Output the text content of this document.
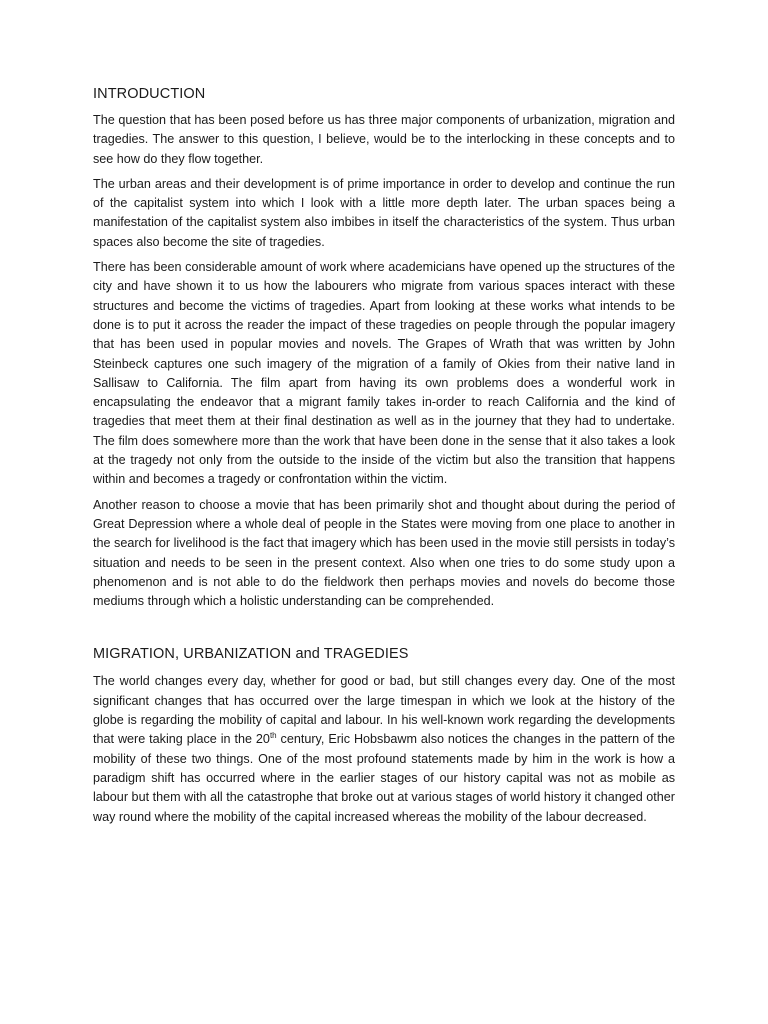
INTRODUCTION

The question that has been posed before us has three major components of urbanization, migration and tragedies. The answer to this question, I believe, would be to the interlocking in these concepts and to see how do they flow together.

The urban areas and their development is of prime importance in order to develop and continue the run of the capitalist system into which I look with a little more depth later. The urban spaces being a manifestation of the capitalist system also imbibes in itself the characteristics of the system. Thus urban spaces also become the site of tragedies.

There has been considerable amount of work where academicians have opened up the structures of the city and have shown it to us how the labourers who migrate from various spaces interact with these structures and become the victims of tragedies. Apart from looking at these works what intends to be done is to put it across the reader the impact of these tragedies on people through the popular imagery that has been used in popular movies and novels. The Grapes of Wrath that was written by John Steinbeck captures one such imagery of the migration of a family of Okies from their native land in Sallisaw to California. The film apart from having its own problems does a wonderful work in encapsulating the endeavor that a migrant family takes in-order to reach California and the kind of tragedies that meet them at their final destination as well as in the journey that they had to undertake. The film does somewhere more than the work that have been done in the sense that it also takes a look at the tragedy not only from the outside to the inside of the victim but also the transition that happens within and becomes a tragedy or confrontation within the victim.

Another reason to choose a movie that has been primarily shot and thought about during the period of Great Depression where a whole deal of people in the States were moving from one place to another in the search for livelihood is the fact that imagery which has been used in the movie still persists in today’s situation and needs to be seen in the present context. Also when one tries to do some study upon a phenomenon and is not able to do the fieldwork then perhaps movies and novels do become those mediums through which a holistic understanding can be comprehended.

MIGRATION, URBANIZATION and TRAGEDIES

The world changes every day, whether for good or bad, but still changes every day. One of the most significant changes that has occurred over the large timespan in which we look at the history of the globe is regarding the mobility of capital and labour. In his well-known work regarding the developments that were taking place in the 20th century, Eric Hobsbawm also notices the changes in the pattern of the mobility of these two things. One of the most profound statements made by him in the work is how a paradigm shift has occurred where in the earlier stages of our history capital was not as mobile as labour but them with all the catastrophe that broke out at various stages of world history it changed other way round where the mobility of the capital increased whereas the mobility of the labour decreased.
